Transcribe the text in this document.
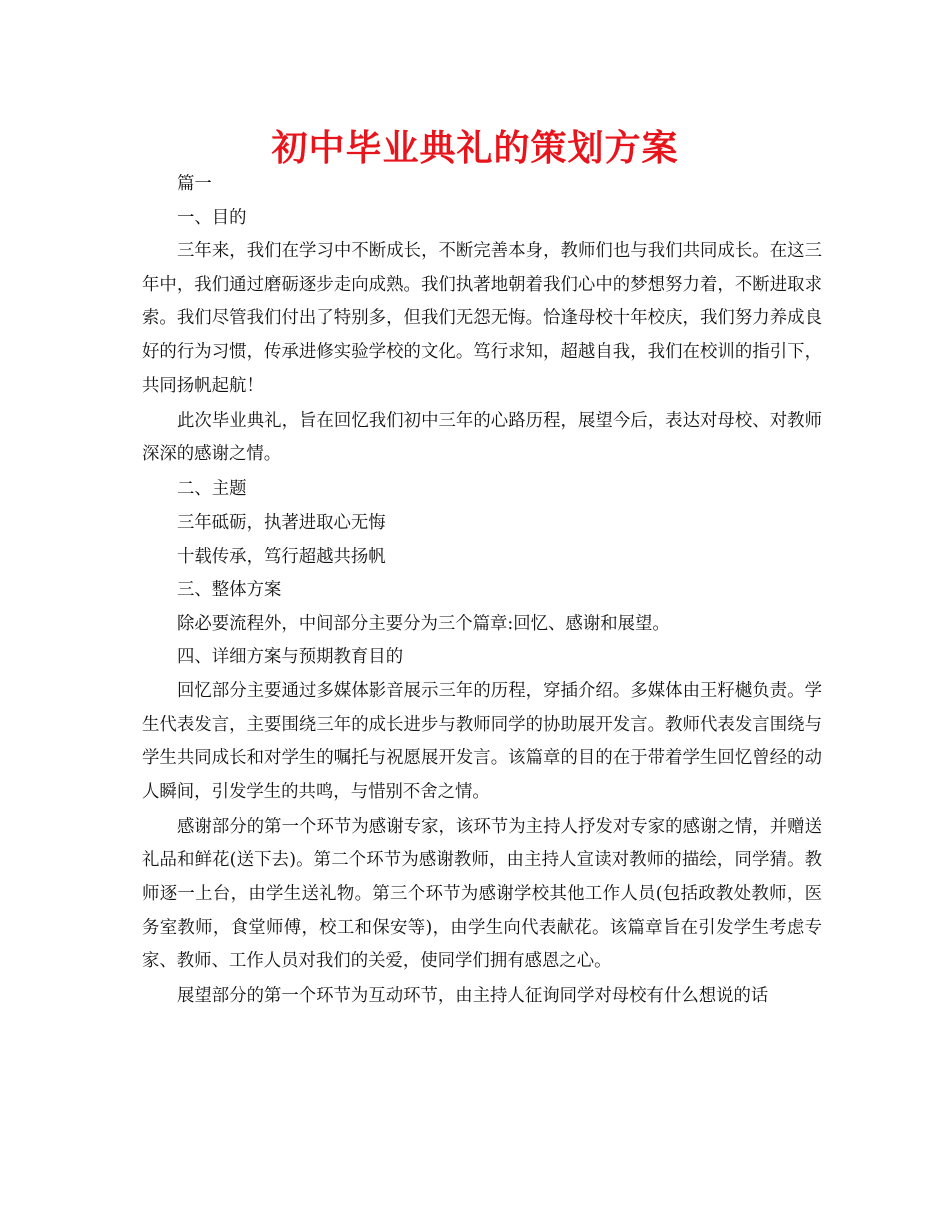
初中毕业典礼的策划方案

篇一

一、目的

三年来，我们在学习中不断成长，不断完善本身，教师们也与我们共同成长。在这三年中，我们通过磨砺逐步走向成熟。我们执著地朝着我们心中的梦想努力着，不断进取求索。我们尽管我们付出了特别多，但我们无怨无悔。恰逢母校十年校庆，我们努力养成良好的行为习惯，传承进修实验学校的文化。笃行求知，超越自我，我们在校训的指引下，共同扬帆起航！

此次毕业典礼，旨在回忆我们初中三年的心路历程，展望今后，表达对母校、对教师深深的感谢之情。

二、主题

三年砥砺，执著进取心无悔

十载传承，笃行超越共扬帆

三、整体方案

除必要流程外，中间部分主要分为三个篇章:回忆、感谢和展望。

四、详细方案与预期教育目的

回忆部分主要通过多媒体影音展示三年的历程，穿插介绍。多媒体由王籽樾负责。学生代表发言，主要围绕三年的成长进步与教师同学的协助展开发言。教师代表发言围绕与学生共同成长和对学生的嘱托与祝愿展开发言。该篇章的目的在于带着学生回忆曾经的动人瞬间，引发学生的共鸣，与惜别不舍之情。

感谢部分的第一个环节为感谢专家，该环节为主持人抒发对专家的感谢之情，并赠送礼品和鲜花(送下去)。第二个环节为感谢教师，由主持人宣读对教师的描绘，同学猜。教师逐一上台，由学生送礼物。第三个环节为感谢学校其他工作人员(包括政教处教师，医务室教师，食堂师傅，校工和保安等)，由学生向代表献花。该篇章旨在引发学生考虑专家、教师、工作人员对我们的关爱，使同学们拥有感恩之心。

展望部分的第一个环节为互动环节，由主持人征询同学对母校有什么想说的话
